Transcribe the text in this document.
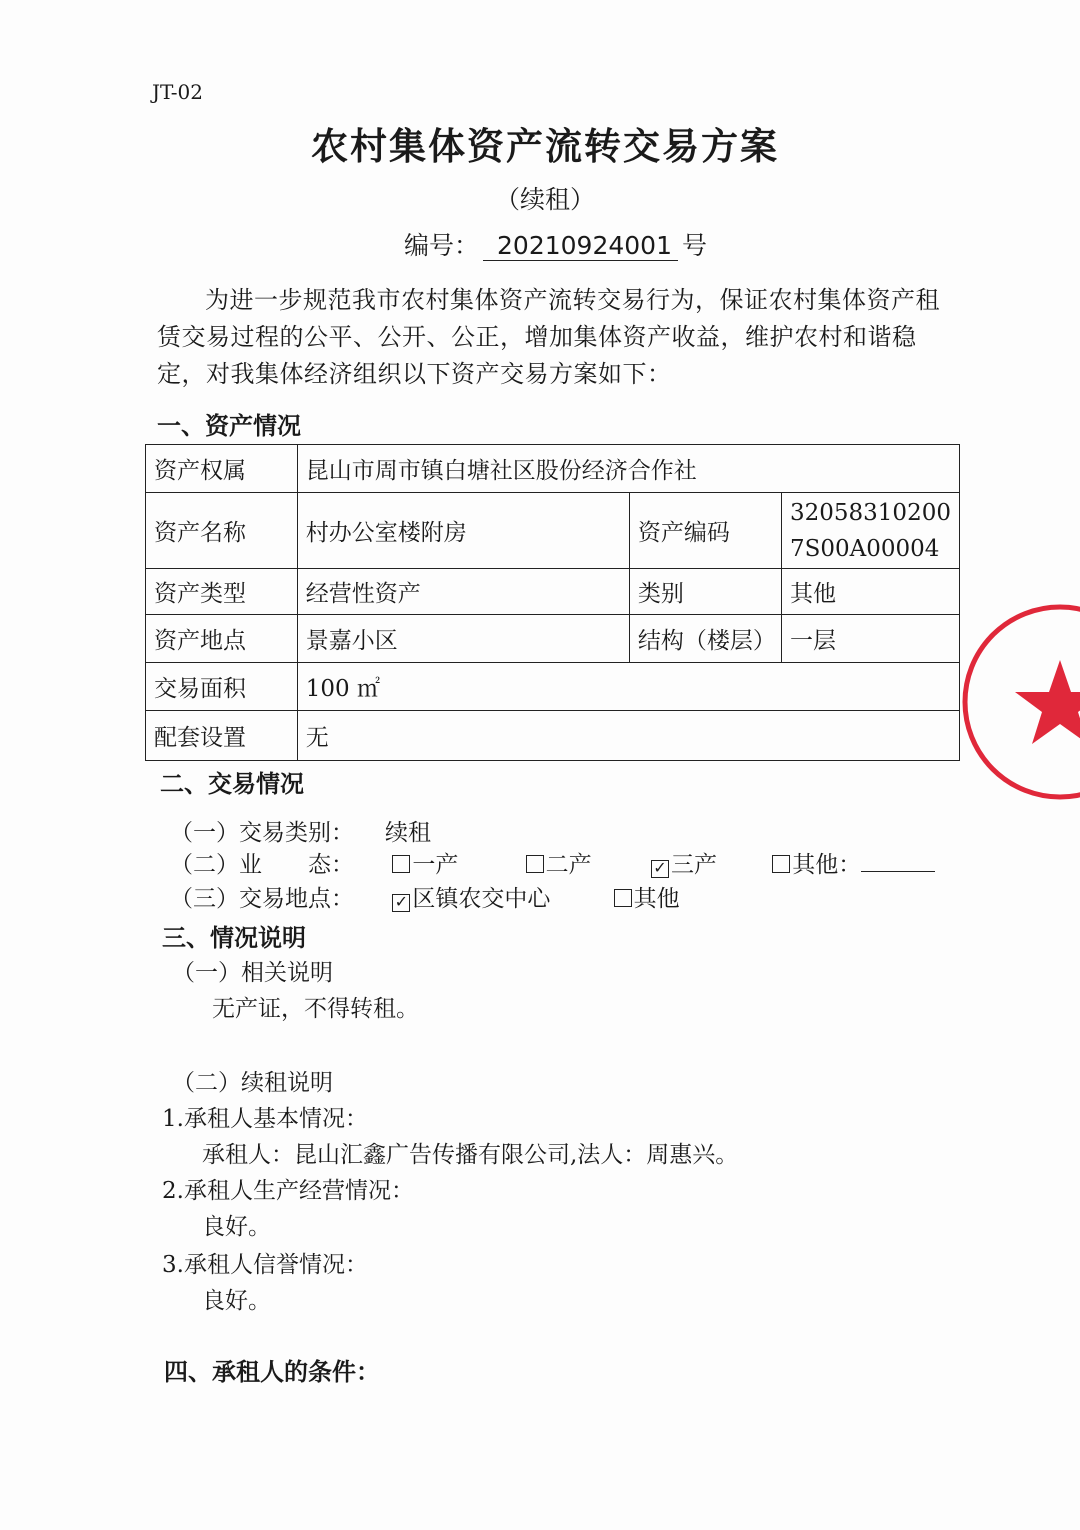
JT-02

农村集体资产流转交易方案

（续租）

编号： 20210924001 号

为进一步规范我市农村集体资产流转交易行为，保证农村集体资产租赁交易过程的公平、公开、公正，增加集体资产收益，维护农村和谐稳定，对我集体经济组织以下资产交易方案如下：

一、资产情况

资产权属	昆山市周市镇白塘社区股份经济合作社		
资产名称	村办公室楼附房	资产编码	32058310200
7S00A00004
资产类型	经营性资产	类别	其他
资产地点	景嘉小区	结构（楼层）	一层
交易面积	100 ㎡		
配套设置	无		

二、交易情况

（一）交易类别： 续租

（二）业　　态：	一产	二产	✓ 三产	其他：

（三）交易地点：	✓ 区镇农交中心	其他

三、情况说明

（一）相关说明

无产证，不得转租。

（二）续租说明

1.承租人基本情况：

承租人：昆山汇鑫广告传播有限公司,法人：周惠兴。

2.承租人生产经营情况：

良好。

3.承租人信誉情况：

良好。

四、承租人的条件：
